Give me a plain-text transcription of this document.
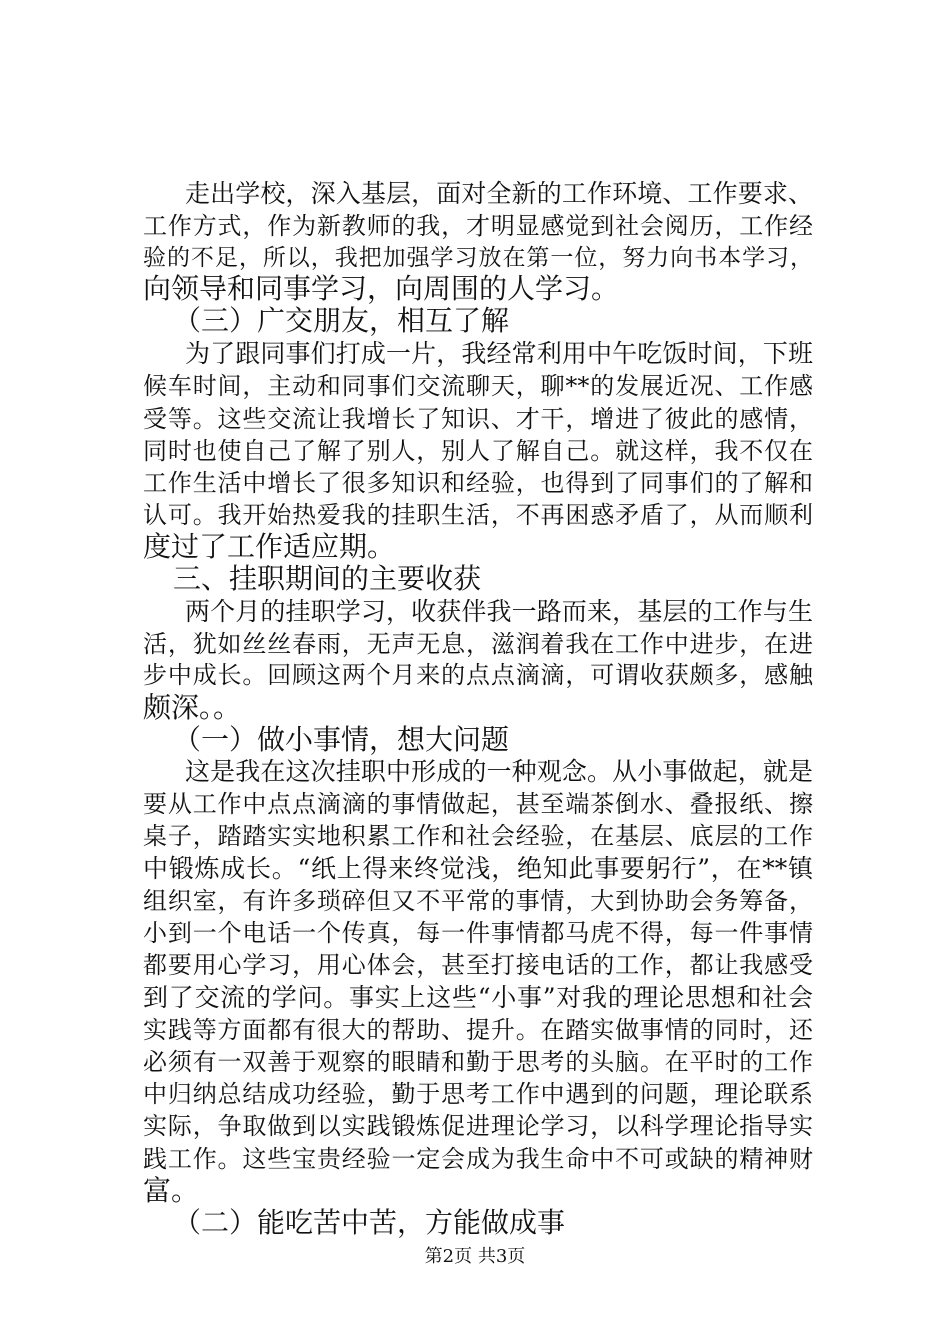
走出学校，深入基层，面对全新的工作环境、工作要求、
工作方式，作为新教师的我，才明显感觉到社会阅历，工作经
验的不足，所以，我把加强学习放在第一位，努力向书本学习，
向领导和同事学习，向周围的人学习。
（三）广交朋友，相互了解
为了跟同事们打成一片，我经常利用中午吃饭时间，下班
候车时间，主动和同事们交流聊天，聊**的发展近况、工作感
受等。这些交流让我增长了知识、才干，增进了彼此的感情，
同时也使自己了解了别人，别人了解自己。就这样，我不仅在
工作生活中增长了很多知识和经验，也得到了同事们的了解和
认可。我开始热爱我的挂职生活，不再困惑矛盾了，从而顺利
度过了工作适应期。
三、挂职期间的主要收获
两个月的挂职学习，收获伴我一路而来，基层的工作与生
活，犹如丝丝春雨，无声无息，滋润着我在工作中进步，在进
步中成长。回顾这两个月来的点点滴滴，可谓收获颇多，感触
颇深。。
（一）做小事情，想大问题
这是我在这次挂职中形成的一种观念。从小事做起，就是
要从工作中点点滴滴的事情做起，甚至端茶倒水、叠报纸、擦
桌子，踏踏实实地积累工作和社会经验，在基层、底层的工作
中锻炼成长。“纸上得来终觉浅，绝知此事要躬行”，在**镇
组织室，有许多琐碎但又不平常的事情，大到协助会务筹备，
小到一个电话一个传真，每一件事情都马虎不得，每一件事情
都要用心学习，用心体会，甚至打接电话的工作，都让我感受
到了交流的学问。事实上这些“小事”对我的理论思想和社会
实践等方面都有很大的帮助、提升。在踏实做事情的同时，还
必须有一双善于观察的眼睛和勤于思考的头脑。在平时的工作
中归纳总结成功经验，勤于思考工作中遇到的问题，理论联系
实际，争取做到以实践锻炼促进理论学习，以科学理论指导实
践工作。这些宝贵经验一定会成为我生命中不可或缺的精神财
富。
（二）能吃苦中苦，方能做成事
第2页 共3页
